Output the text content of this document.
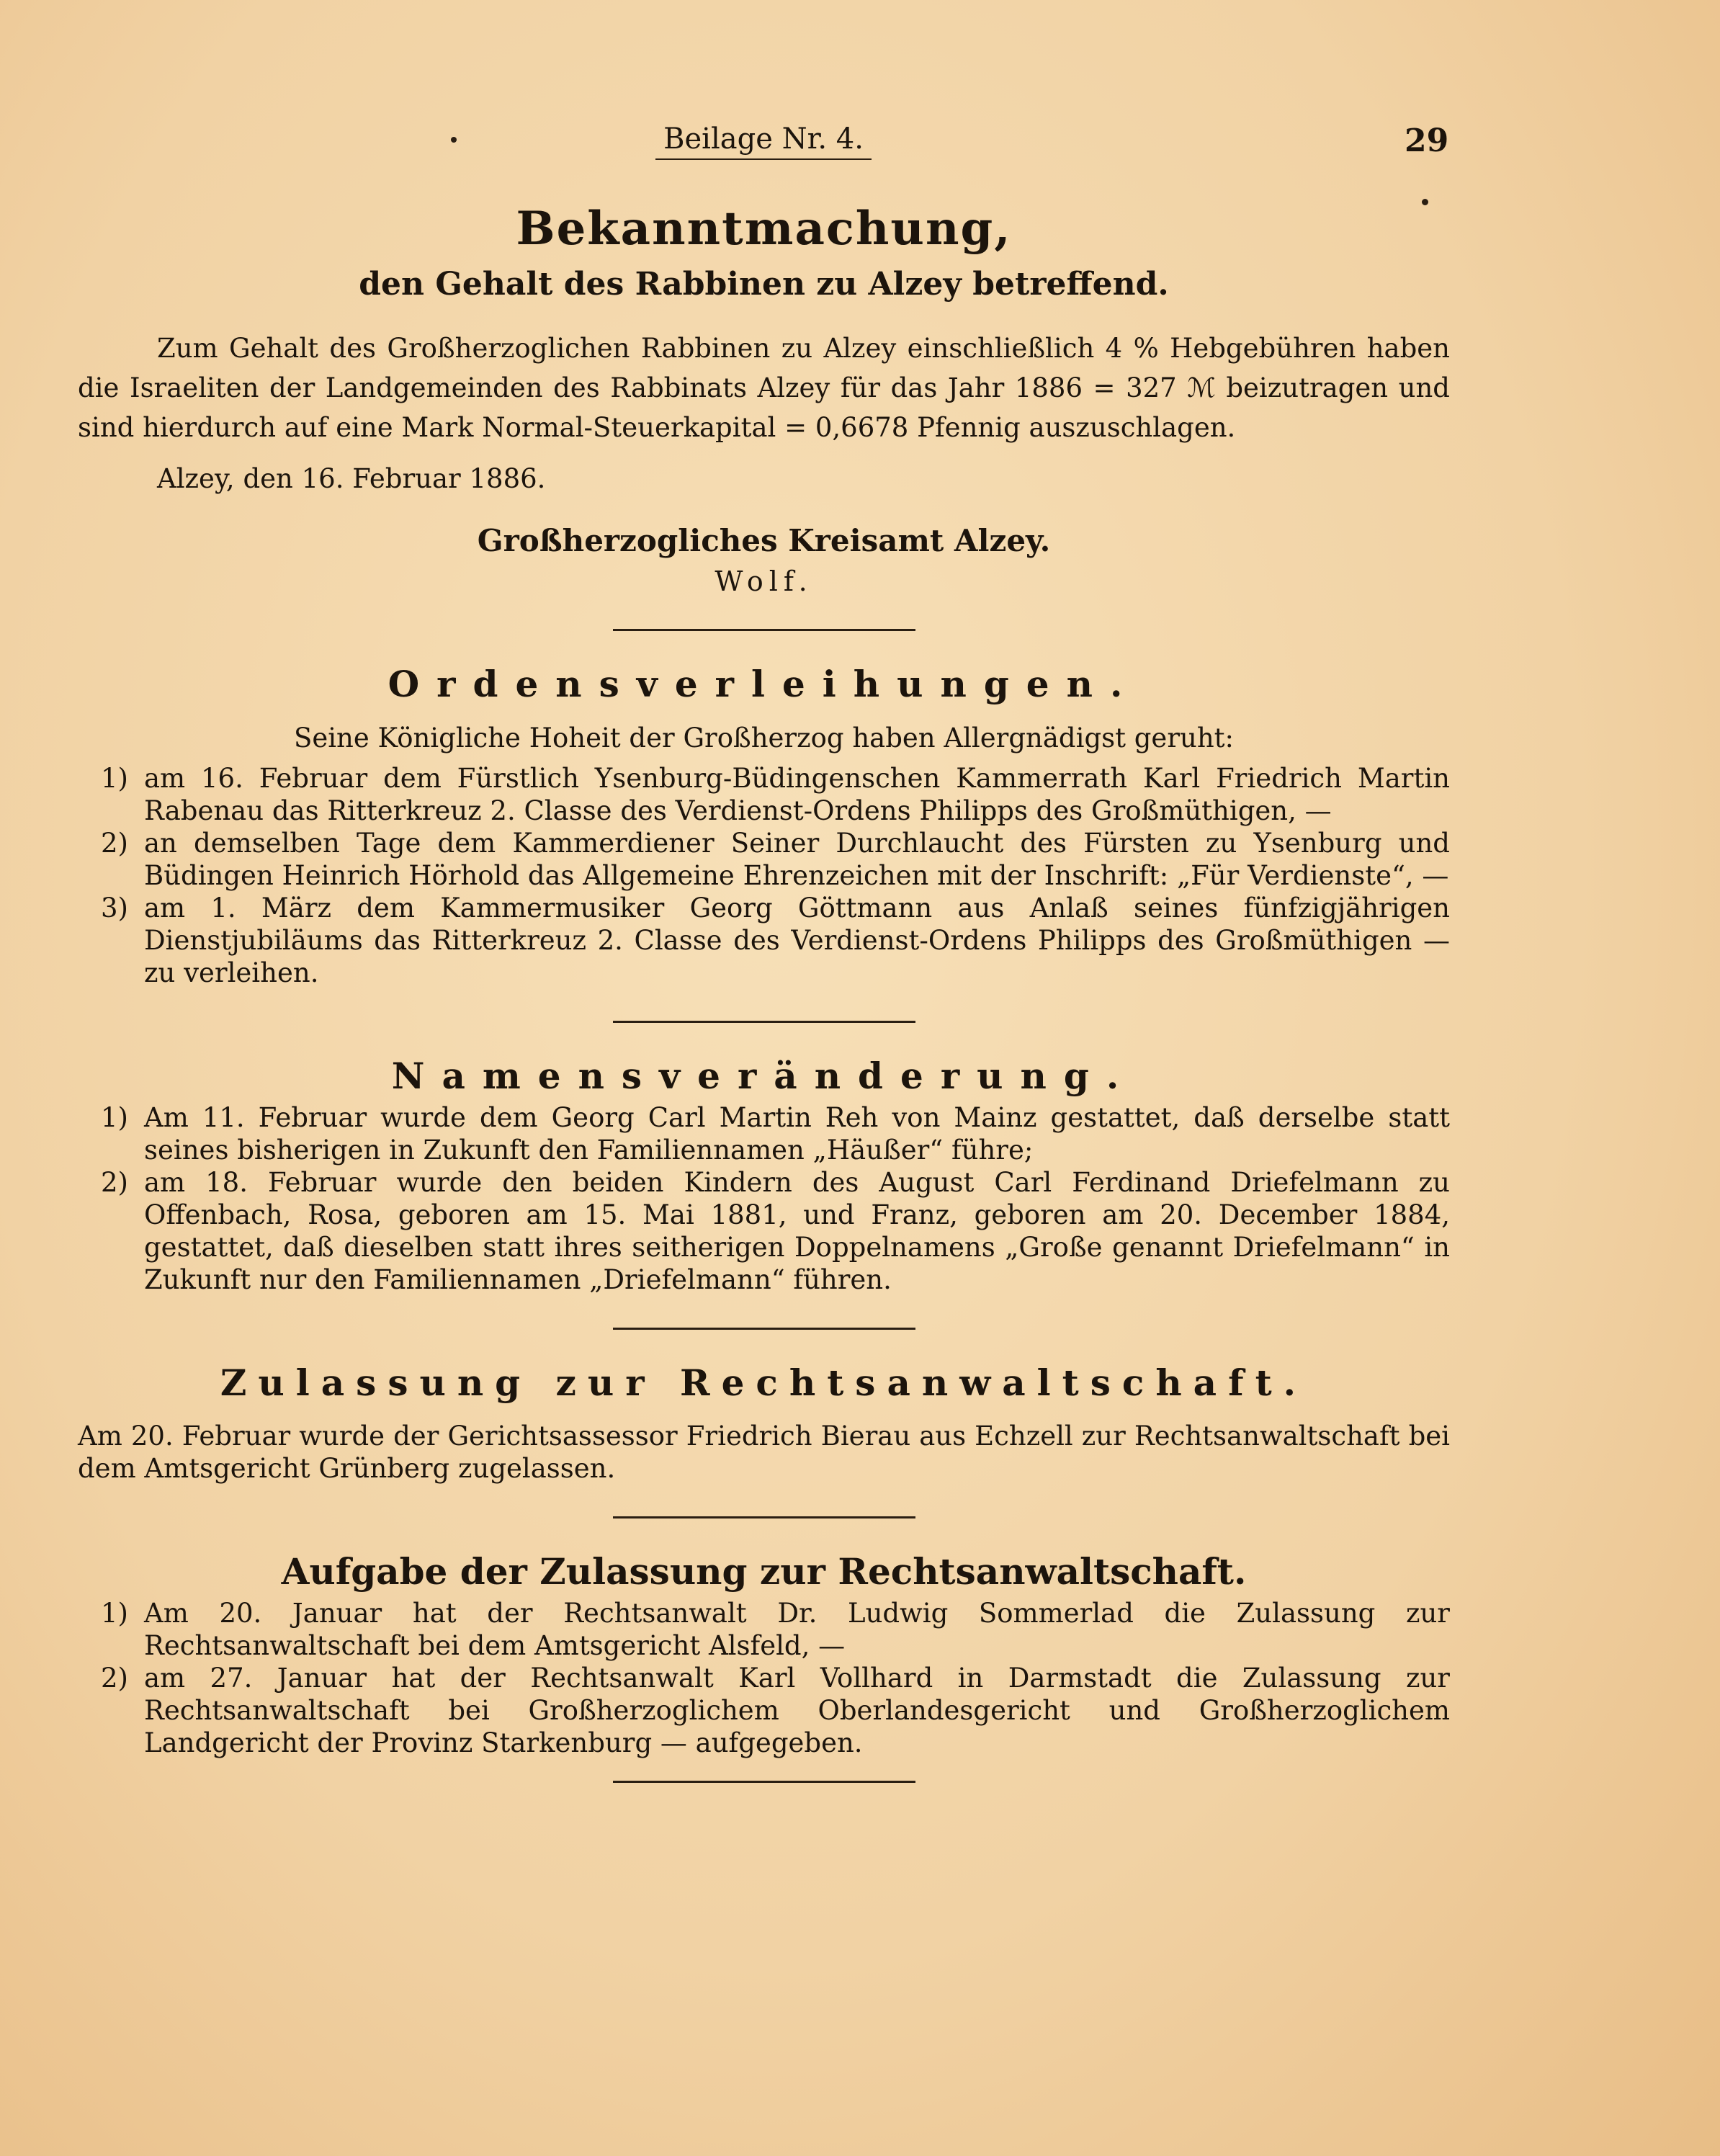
Beilage Nr. 4.	29
Bekanntmachung,
den Gehalt des Rabbinen zu Alzey betreffend.

Zum Gehalt des Großherzoglichen Rabbinen zu Alzey einschließlich 4 % Hebgebühren haben die Israeliten der Landgemeinden des Rabbinats Alzey für das Jahr 1886 = 327 ℳ beizutragen und sind hierdurch auf eine Mark Normal-Steuerkapital = 0,6678 Pfennig auszuschlagen.

Alzey, den 16. Februar 1886.
Großherzogliches Kreisamt Alzey.
Wolf.
Ordensverleihungen.
Seine Königliche Hoheit der Großherzog haben Allergnädigst geruht:
1) am 16. Februar dem Fürstlich Ysenburg-Büdingenschen Kammerrath Karl Friedrich Martin Rabenau das Ritterkreuz 2. Classe des Verdienst-Ordens Philipps des Großmüthigen, —
2) an demselben Tage dem Kammerdiener Seiner Durchlaucht des Fürsten zu Ysenburg und Büdingen Heinrich Hörhold das Allgemeine Ehrenzeichen mit der Inschrift: „Für Verdienste“, —
3) am 1. März dem Kammermusiker Georg Göttmann aus Anlaß seines fünfzigjährigen Dienstjubiläums das Ritterkreuz 2. Classe des Verdienst-Ordens Philipps des Großmüthigen — zu verleihen.
Namensveränderung.
1) Am 11. Februar wurde dem Georg Carl Martin Reh von Mainz gestattet, daß derselbe statt seines bisherigen in Zukunft den Familiennamen „Häußer“ führe;
2) am 18. Februar wurde den beiden Kindern des August Carl Ferdinand Driefelmann zu Offenbach, Rosa, geboren am 15. Mai 1881, und Franz, geboren am 20. December 1884, gestattet, daß dieselben statt ihres seitherigen Doppelnamens „Große genannt Driefelmann“ in Zukunft nur den Familiennamen „Driefelmann“ führen.
Zulassung zur Rechtsanwaltschaft.

Am 20. Februar wurde der Gerichtsassessor Friedrich Bierau aus Echzell zur Rechtsanwaltschaft bei dem Amtsgericht Grünberg zugelassen.

Aufgabe der Zulassung zur Rechtsanwaltschaft.
1) Am 20. Januar hat der Rechtsanwalt Dr. Ludwig Sommerlad die Zulassung zur Rechtsanwaltschaft bei dem Amtsgericht Alsfeld, —
2) am 27. Januar hat der Rechtsanwalt Karl Vollhard in Darmstadt die Zulassung zur Rechtsanwaltschaft bei Großherzoglichem Oberlandesgericht und Großherzoglichem Landgericht der Provinz Starkenburg — aufgegeben.
